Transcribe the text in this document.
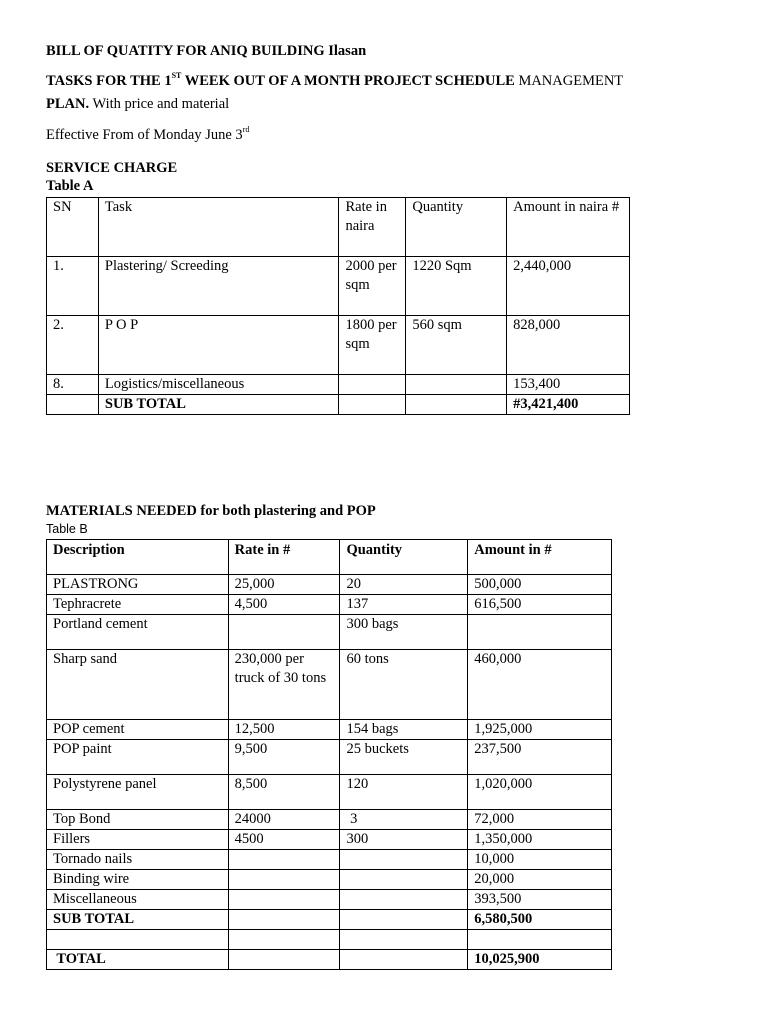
BILL OF QUATITY FOR ANIQ BUILDING Ilasan
TASKS FOR THE 1ST WEEK OUT OF A MONTH PROJECT SCHEDULE MANAGEMENT
PLAN. With price and material
Effective From of Monday June 3rd
SERVICE CHARGE
Table A
SN	Task	Rate in naira	Quantity	Amount in naira #
1.	Plastering/ Screeding	2000 per sqm	1220 Sqm	2,440,000
2.	P O P	1800 per sqm	560 sqm	828,000
8.	Logistics/miscellaneous			153,400
	SUB TOTAL			#3,421,400
MATERIALS NEEDED for both plastering and POP
Table B
Description	Rate in #	Quantity	Amount in #
PLASTRONG	25,000	20	500,000
Tephracrete	4,500	137	616,500
Portland cement		300 bags	
Sharp sand	230,000 per truck of 30 tons	60 tons	460,000
POP cement	12,500	154 bags	1,925,000
POP paint	9,500	25 buckets	237,500
Polystyrene panel	8,500	120	1,020,000
Top Bond	24000	3	72,000
Fillers	4500	300	1,350,000
Tornado nails			10,000
Binding wire			20,000
Miscellaneous			393,500
SUB TOTAL			6,580,500

TOTAL			10,025,900
